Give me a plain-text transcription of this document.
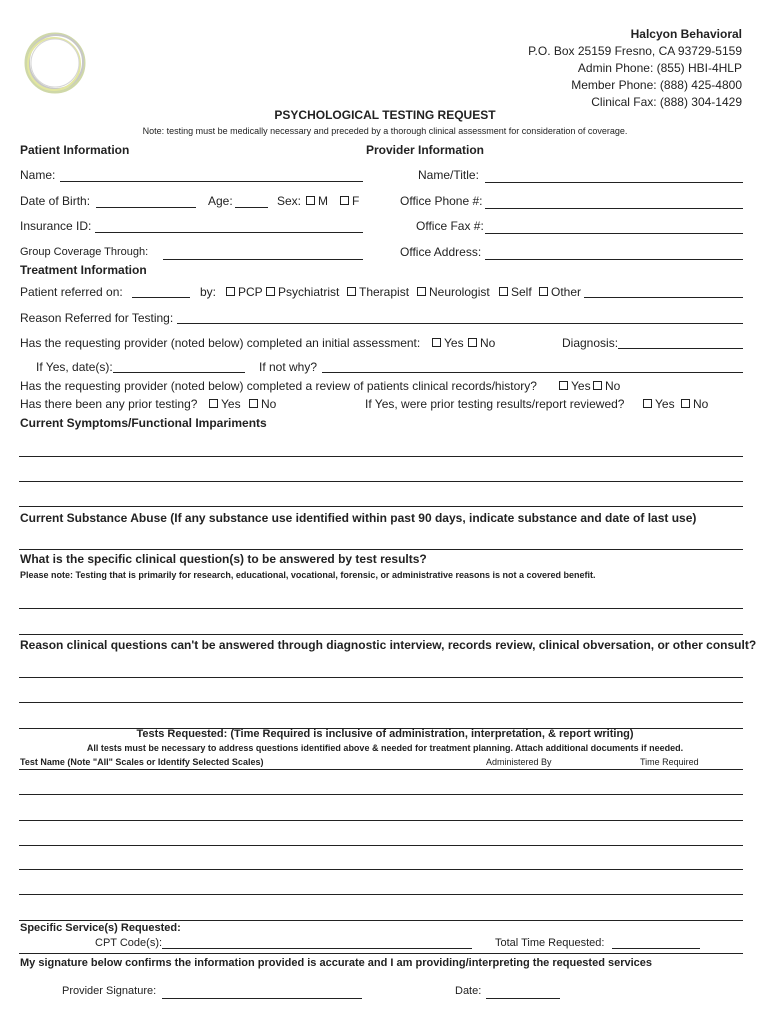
Halcyon Behavioral
P.O. Box 25159 Fresno, CA 93729-5159
Admin Phone: (855) HBI-4HLP
Member Phone: (888) 425-4800
Clinical Fax: (888) 304-1429
PSYCHOLOGICAL TESTING REQUEST
Note: testing must be medically necessary and preceded by a thorough clinical assessment for consideration of coverage.
Patient Information	Provider Information
Name:	Name/Title:
Date of Birth:	Age:	Sex:	M	F	Office Phone #:
Insurance ID:	Office Fax #:
Group Coverage Through:	Office Address:
Treatment Information
Patient referred on:	by:	PCP	Psychiatrist	Therapist	Neurologist	Self	Other
Reason Referred for Testing:
Has the requesting provider (noted below) completed an initial assessment:	Yes	No	Diagnosis:
If Yes, date(s):	If not why?
Has the requesting provider (noted below) completed a review of patients clinical records/history?	Yes	No
Has there been any prior testing?	Yes	No	If Yes, were prior testing results/report reviewed?	Yes	No
Current Symptoms/Functional Impariments
Current Substance Abuse (If any substance use identified within past 90 days, indicate substance and date of last use)
What is the specific clinical question(s) to be answered by test results?
Please note: Testing that is primarily for research, educational, vocational, forensic, or administrative reasons is not a covered benefit.
Reason clinical questions can't be answered through diagnostic interview, records review, clinical obversation, or other consult?
Tests Requested: (Time Required is inclusive of administration, interpretation, & report writing)
All tests must be necessary to address questions identified above & needed for treatment planning. Attach additional documents if needed.
Test Name (Note "All" Scales or Identify Selected Scales)	Administered By	Time Required
Specific Service(s) Requested:
CPT Code(s):	Total Time Requested:
My signature below confirms the information provided is accurate and I am providing/interpreting the requested services
Provider Signature:	Date:
